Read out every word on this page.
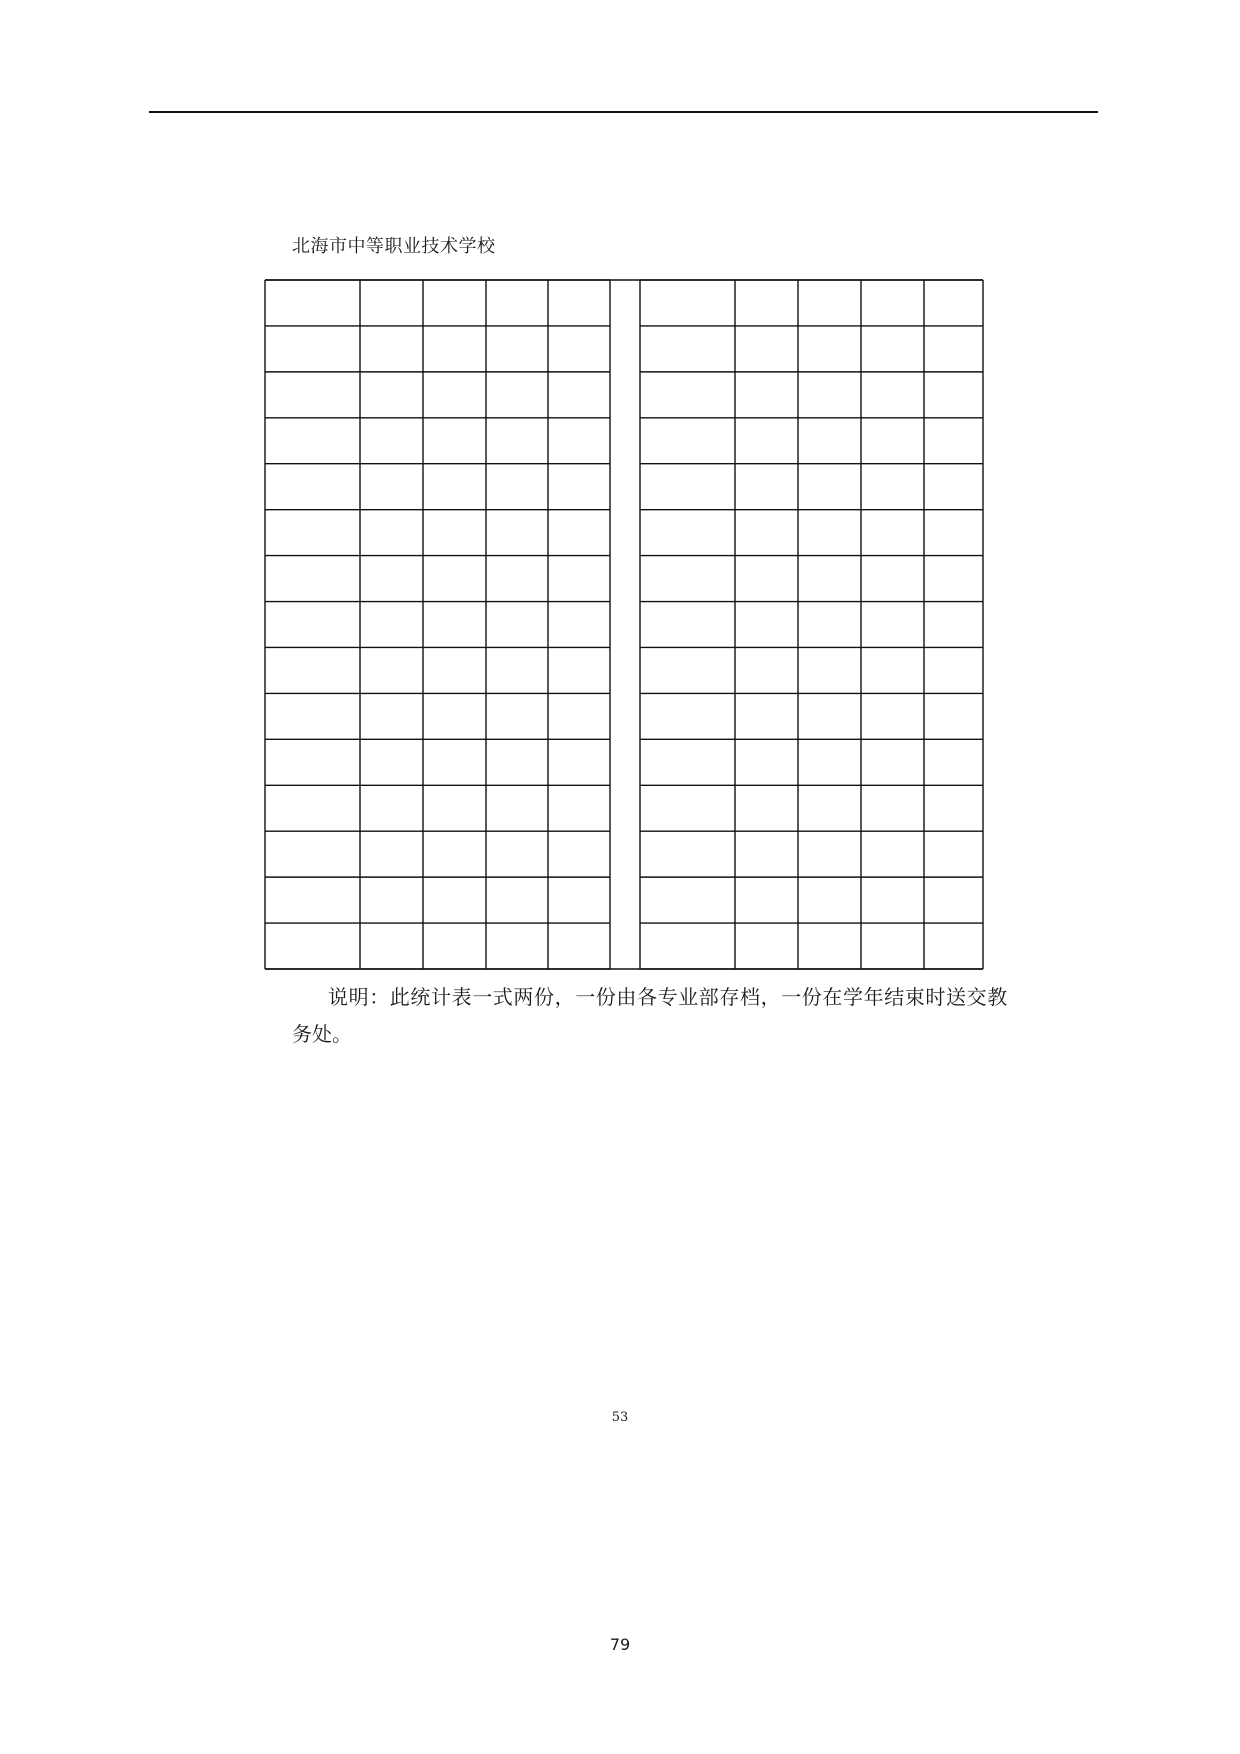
北海市中等职业技术学校
说明：此统计表一式两份，一份由各专业部存档，一份在学年结束时送交教
务处。
53
79
